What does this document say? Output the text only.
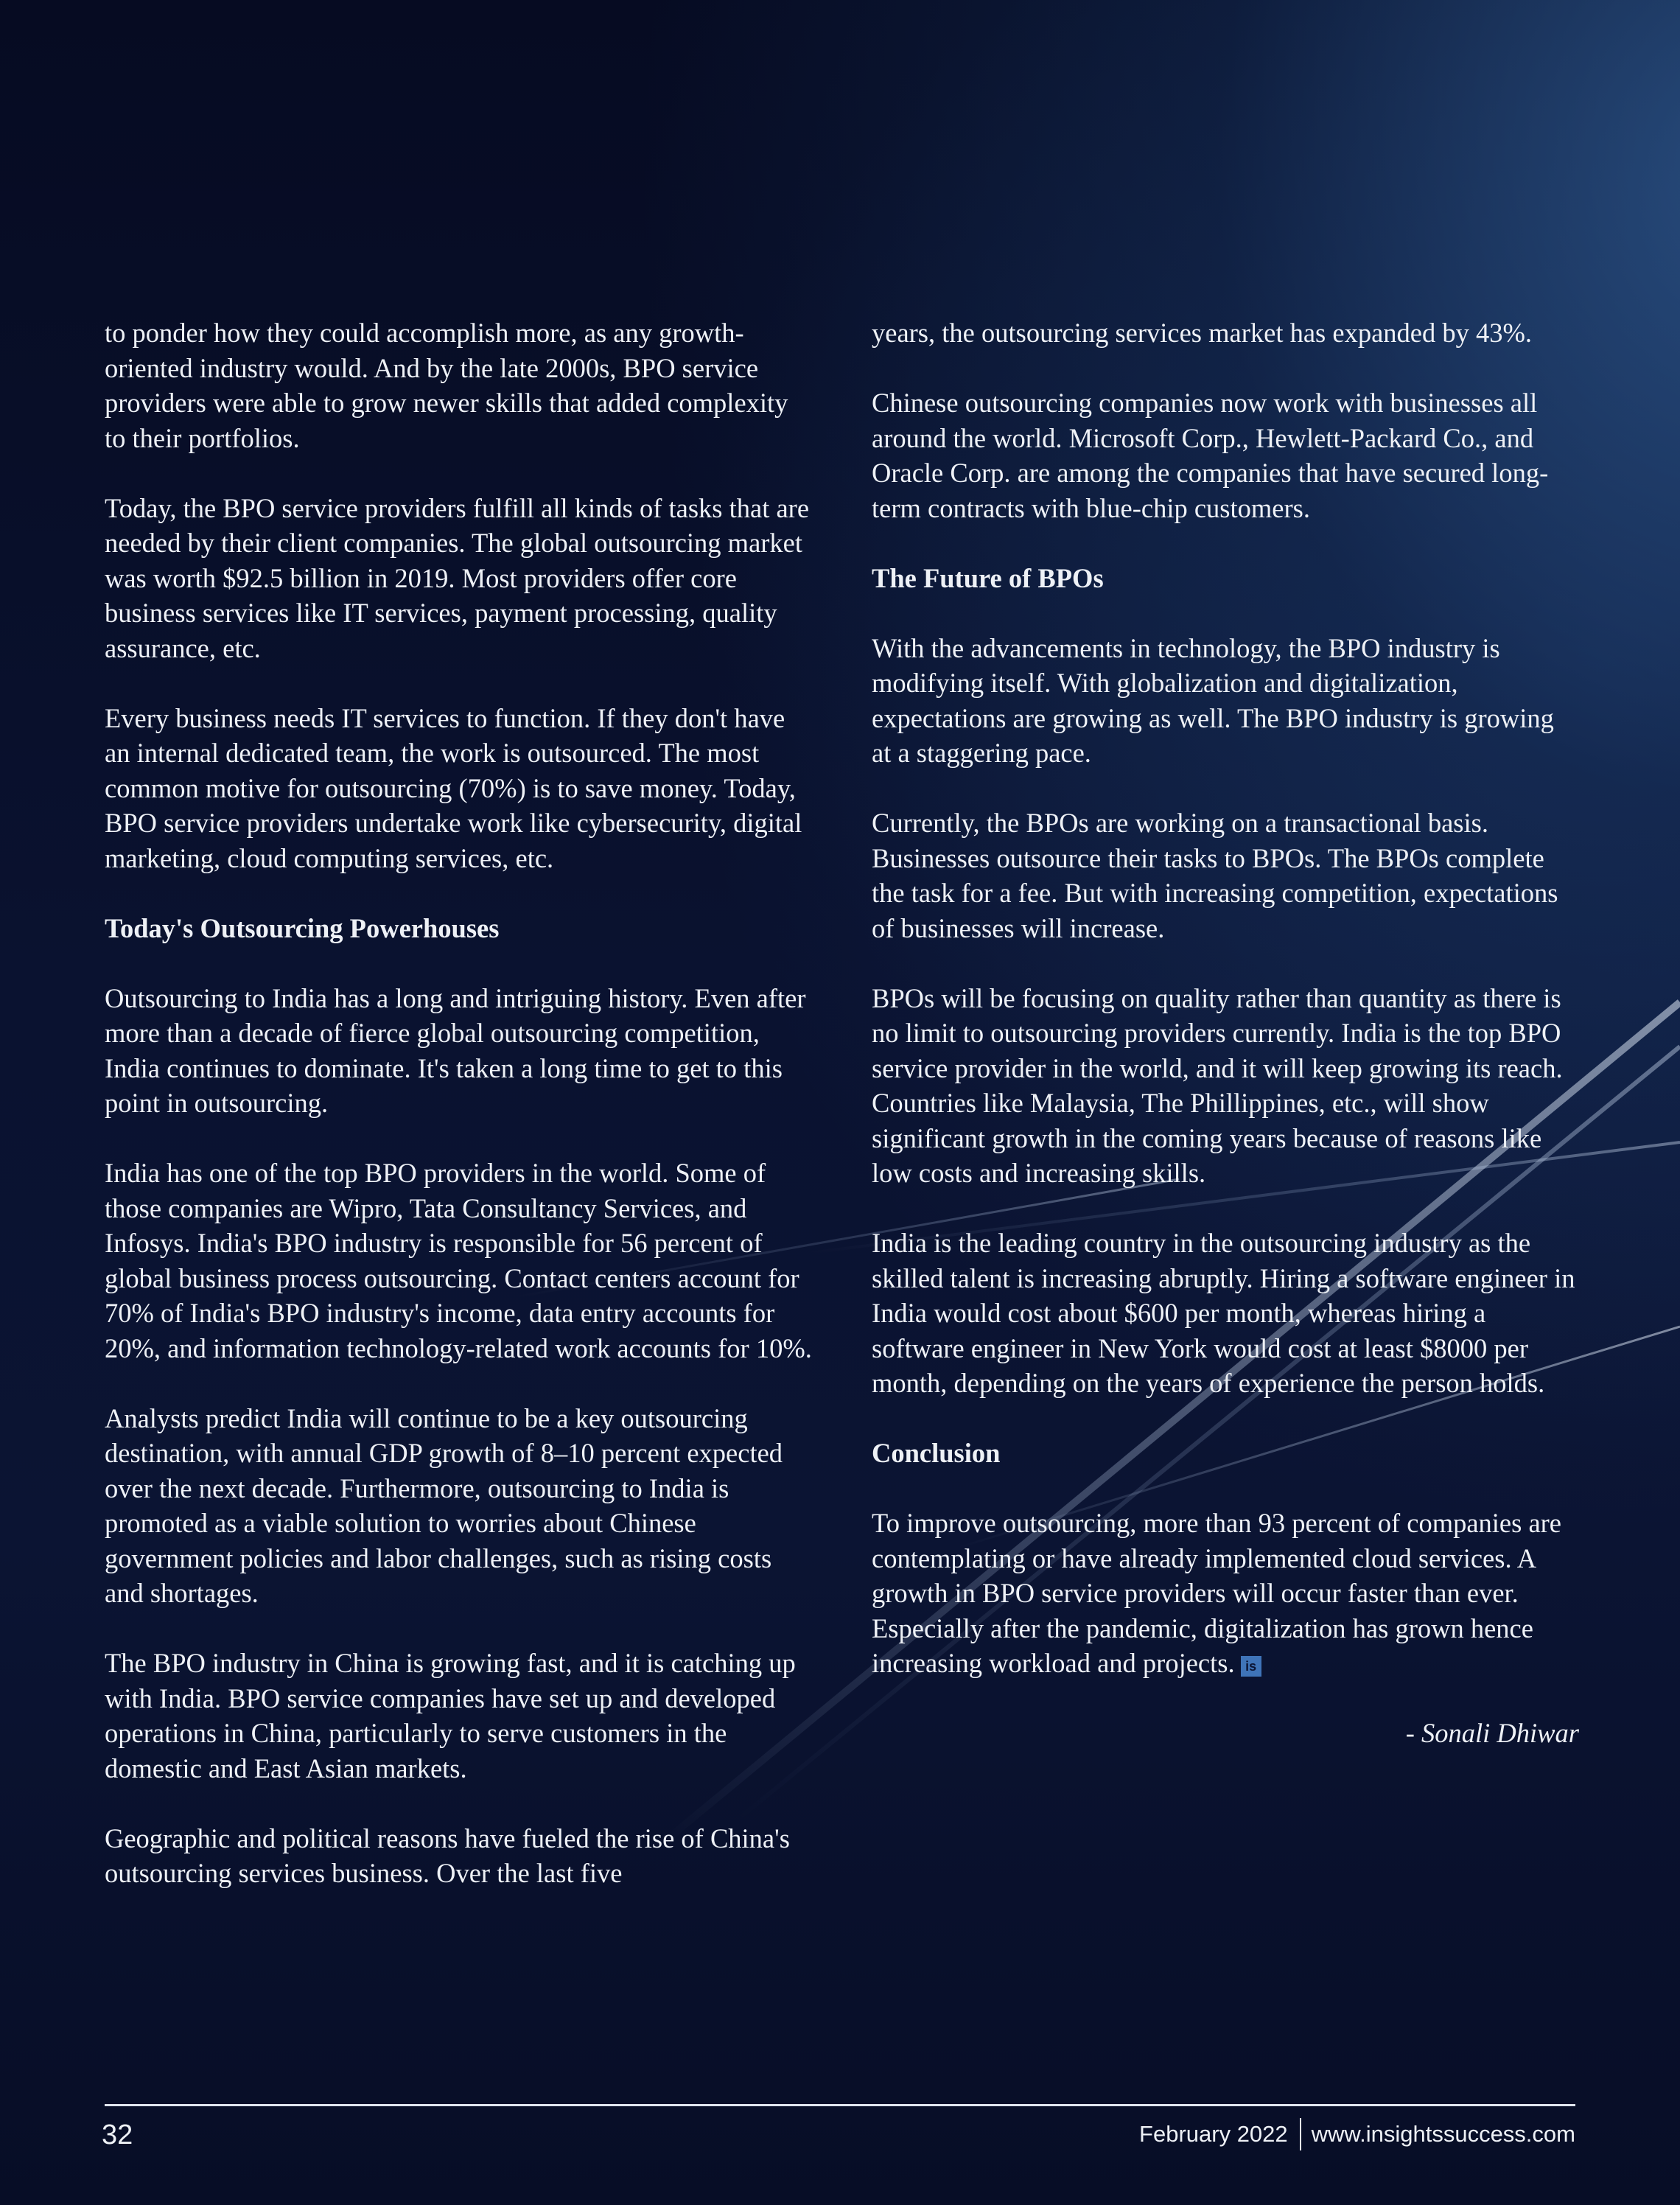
to ponder how they could accomplish more, as any growth-oriented industry would. And by the late 2000s, BPO service providers were able to grow newer skills that added complexity to their portfolios.

Today, the BPO service providers fulfill all kinds of tasks that are needed by their client companies. The global outsourcing market was worth $92.5 billion in 2019. Most providers offer core business services like IT services, payment processing, quality assurance, etc.

Every business needs IT services to function. If they don't have an internal dedicated team, the work is outsourced. The most common motive for outsourcing (70%) is to save money. Today, BPO service providers undertake work like cybersecurity, digital marketing, cloud computing services, etc.

Today's Outsourcing Powerhouses

Outsourcing to India has a long and intriguing history. Even after more than a decade of fierce global outsourcing competition, India continues to dominate. It's taken a long time to get to this point in outsourcing.

India has one of the top BPO providers in the world. Some of those companies are Wipro, Tata Consultancy Services, and Infosys. India's BPO industry is responsible for 56 percent of global business process outsourcing. Contact centers account for 70% of India's BPO industry's income, data entry accounts for 20%, and information technology-related work accounts for 10%.

Analysts predict India will continue to be a key outsourcing destination, with annual GDP growth of 8–10 percent expected over the next decade. Furthermore, outsourcing to India is promoted as a viable solution to worries about Chinese government policies and labor challenges, such as rising costs and shortages.

The BPO industry in China is growing fast, and it is catching up with India. BPO service companies have set up and developed operations in China, particularly to serve customers in the domestic and East Asian markets.

Geographic and political reasons have fueled the rise of China's outsourcing services business. Over the last five

years, the outsourcing services market has expanded by 43%.

Chinese outsourcing companies now work with businesses all around the world. Microsoft Corp., Hewlett-Packard Co., and Oracle Corp. are among the companies that have secured long-term contracts with blue-chip customers.

The Future of BPOs

With the advancements in technology, the BPO industry is modifying itself. With globalization and digitalization, expectations are growing as well. The BPO industry is growing at a staggering pace.

Currently, the BPOs are working on a transactional basis. Businesses outsource their tasks to BPOs. The BPOs complete the task for a fee. But with increasing competition, expectations of businesses will increase.

BPOs will be focusing on quality rather than quantity as there is no limit to outsourcing providers currently. India is the top BPO service provider in the world, and it will keep growing its reach. Countries like Malaysia, The Phillippines, etc., will show significant growth in the coming years because of reasons like low costs and increasing skills.

India is the leading country in the outsourcing industry as the skilled talent is increasing abruptly. Hiring a software engineer in India would cost about $600 per month, whereas hiring a software engineer in New York would cost at least $8000 per month, depending on the years of experience the person holds.

Conclusion

To improve outsourcing, more than 93 percent of companies are contemplating or have already implemented cloud services. A growth in BPO service providers will occur faster than ever. Especially after the pandemic, digitalization has grown hence increasing workload and projects. is

- Sonali Dhiwar

32	February 2022 www.insightssuccess.com
